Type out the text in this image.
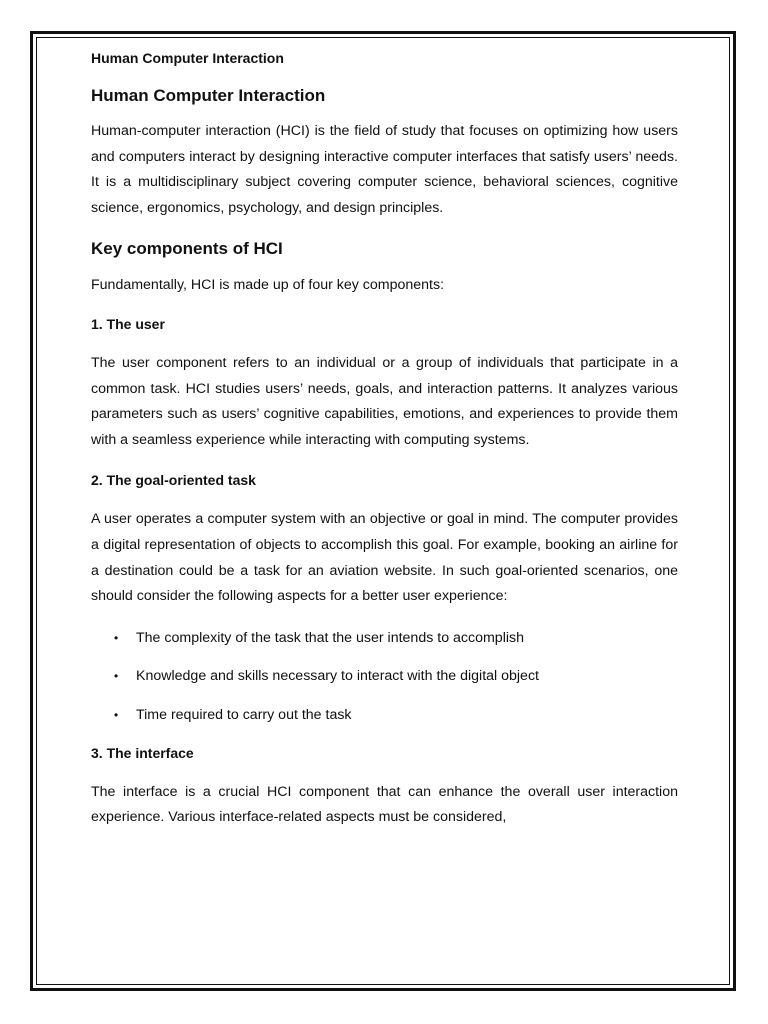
Human Computer Interaction
Human Computer Interaction

Human-computer interaction (HCI) is the field of study that focuses on optimizing how users and computers interact by designing interactive computer interfaces that satisfy users’ needs. It is a multidisciplinary subject covering computer science, behavioral sciences, cognitive science, ergonomics, psychology, and design principles.

Key components of HCI

Fundamentally, HCI is made up of four key components:

1. The user

The user component refers to an individual or a group of individuals that participate in a common task. HCI studies users’ needs, goals, and interaction patterns. It analyzes various parameters such as users’ cognitive capabilities, emotions, and experiences to provide them with a seamless experience while interacting with computing systems.

2. The goal-oriented task

A user operates a computer system with an objective or goal in mind. The computer provides a digital representation of objects to accomplish this goal. For example, booking an airline for a destination could be a task for an aviation website. In such goal-oriented scenarios, one should consider the following aspects for a better user experience:

• The complexity of the task that the user intends to accomplish
• Knowledge and skills necessary to interact with the digital object
• Time required to carry out the task
3. The interface

The interface is a crucial HCI component that can enhance the overall user interaction experience. Various interface-related aspects must be considered,
